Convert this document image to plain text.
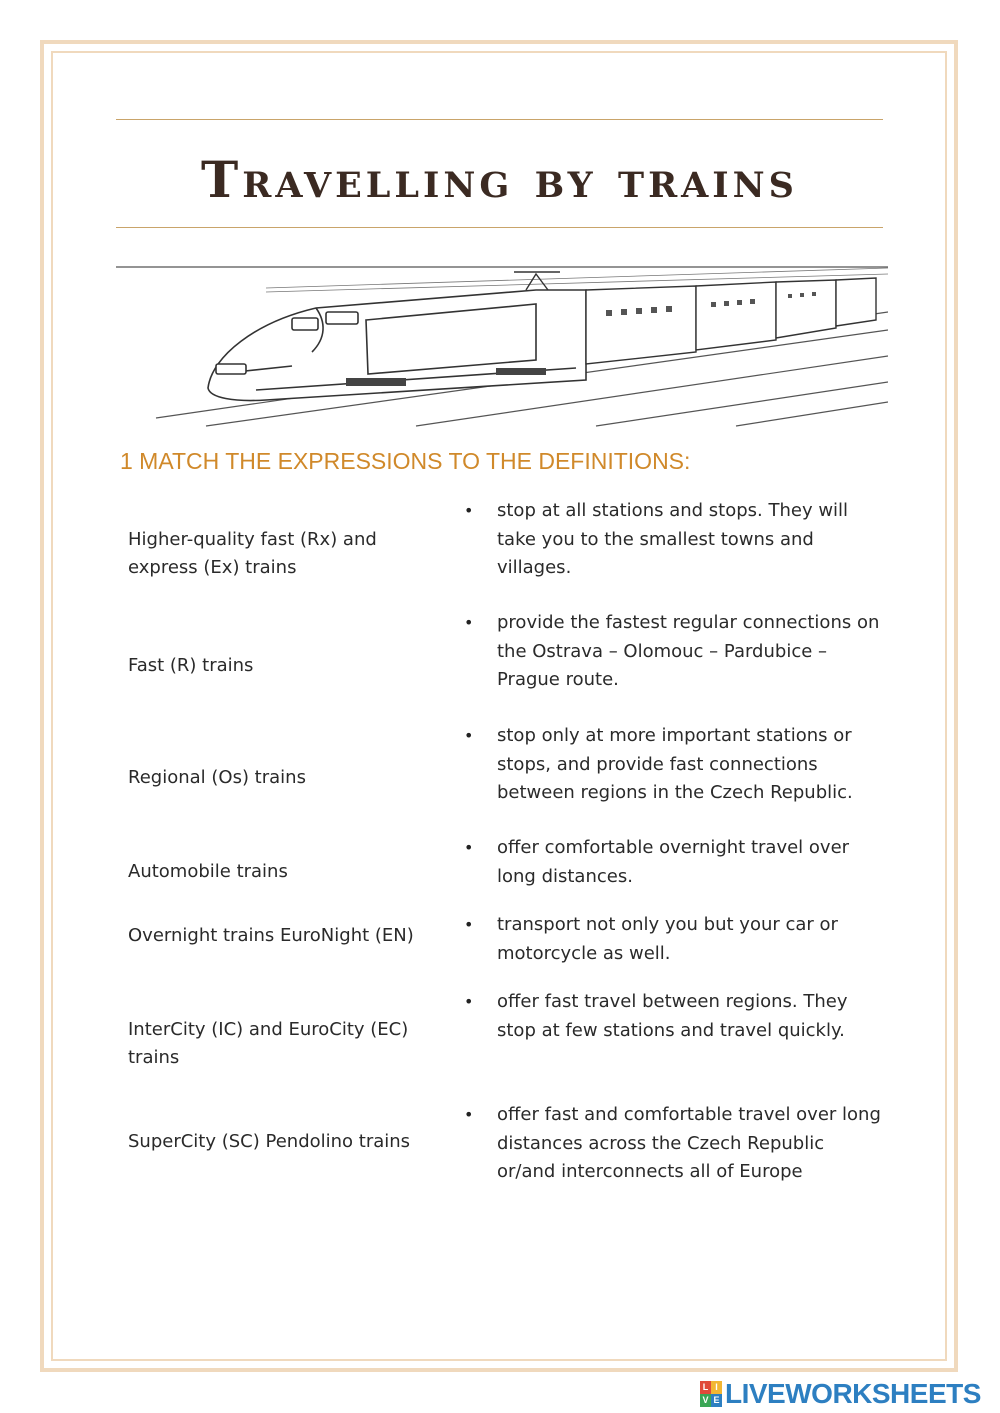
Travelling by trains
1 MATCH THE EXPRESSIONS TO THE DEFINITIONS:
Higher-quality fast (Rx) and express (Ex) trains
Fast (R) trains
Regional (Os) trains
Automobile trains
Overnight trains EuroNight (EN)
InterCity (IC) and EuroCity (EC) trains
SuperCity (SC) Pendolino trains
• stop at all stations and stops. They will take you to the smallest towns and villages.
• provide the fastest regular connections on the Ostrava – Olomouc – Pardubice – Prague route.
• stop only at more important stations or stops, and provide fast connections between regions in the Czech Republic.
• offer comfortable overnight travel over long distances.
• transport not only you but your car or motorcycle as well.
• offer fast travel between regions. They stop at few stations and travel quickly.
• offer fast and comfortable travel over long distances across the Czech Republic or/and interconnects all of Europe
L I
V E LIVEWORKSHEETS
